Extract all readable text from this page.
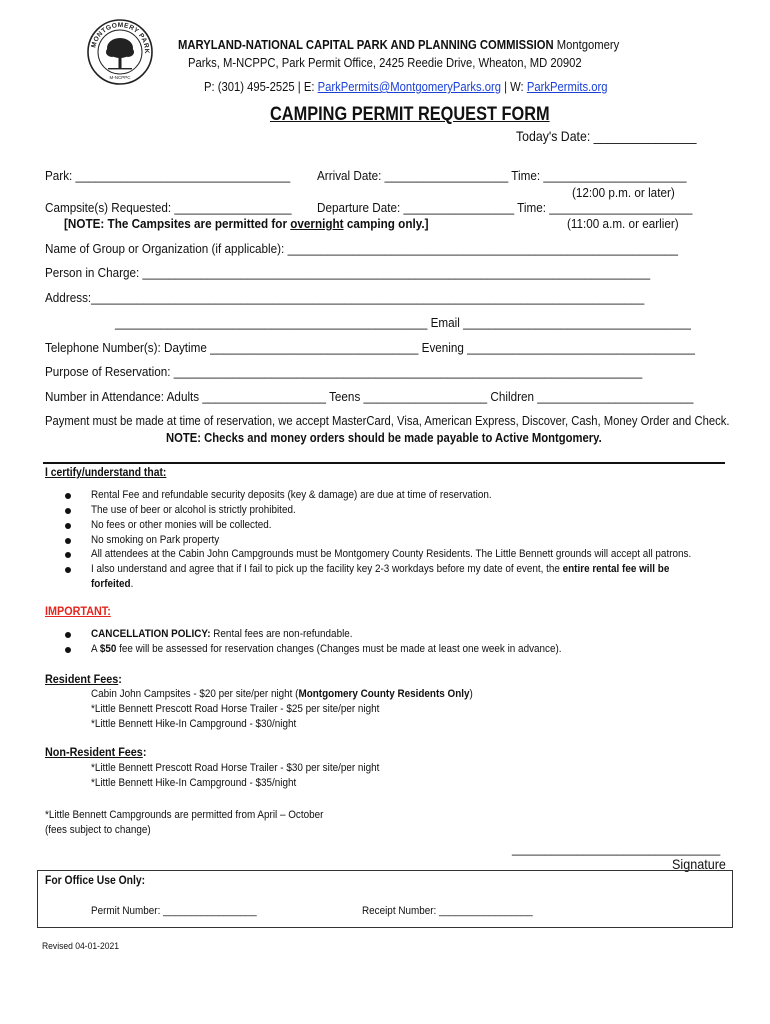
MONTGOMERY PARK
M-NCPPC
MARYLAND-NATIONAL CAPITAL PARK AND PLANNING COMMISSION Montgomery
Parks, M-NCPPC, Park Permit Office, 2425 Reedie Drive, Wheaton, MD 20902
P: (301) 495-2525 | E: ParkPermits@MontgomeryParks.org | W: ParkPermits.org
CAMPING PERMIT REQUEST FORM
Today's Date: _______________
Park: _________________________________ Arrival Date: ___________________ Time: ______________________
(12:00 p.m. or later)
Campsite(s) Requested: __________________ Departure Date: _________________ Time: ______________________
[NOTE: The Campsites are permitted for overnight camping only.]	(11:00 a.m. or earlier)
Name of Group or Organization (if applicable): ____________________________________________________________
Person in Charge: ______________________________________________________________________________
Address:_____________________________________________________________________________________
________________________________________________ Email ___________________________________
Telephone Number(s): Daytime ________________________________ Evening ___________________________________
Purpose of Reservation: ________________________________________________________________________
Number in Attendance: Adults ___________________ Teens ___________________ Children ________________________
Payment must be made at time of reservation, we accept MasterCard, Visa, American Express, Discover, Cash, Money Order and Check.
NOTE: Checks and money orders should be made payable to Active Montgomery.
I certify/understand that:
Rental Fee and refundable security deposits (key & damage) are due at time of reservation.
The use of beer or alcohol is strictly prohibited.
No fees or other monies will be collected.
No smoking on Park property
All attendees at the Cabin John Campgrounds must be Montgomery County Residents. The Little Bennett grounds will accept all patrons.
I also understand and agree that if I fail to pick up the facility key 2-3 workdays before my date of event, the entire rental fee will be
forfeited.
IMPORTANT:
CANCELLATION POLICY: Rental fees are non-refundable.
A $50 fee will be assessed for reservation changes (Changes must be made at least one week in advance).
Resident Fees:
Cabin John Campsites - $20 per site/per night (Montgomery County Residents Only)
*Little Bennett Prescott Road Horse Trailer - $25 per site/per night
*Little Bennett Hike-In Campground - $30/night
Non-Resident Fees:
*Little Bennett Prescott Road Horse Trailer - $30 per site/per night
*Little Bennett Hike-In Campground - $35/night
*Little Bennett Campgrounds are permitted from April – October
(fees subject to change)
________________________________
Signature
For Office Use Only:
Permit Number: _________________	Receipt Number: _________________
Revised 04-01-2021
